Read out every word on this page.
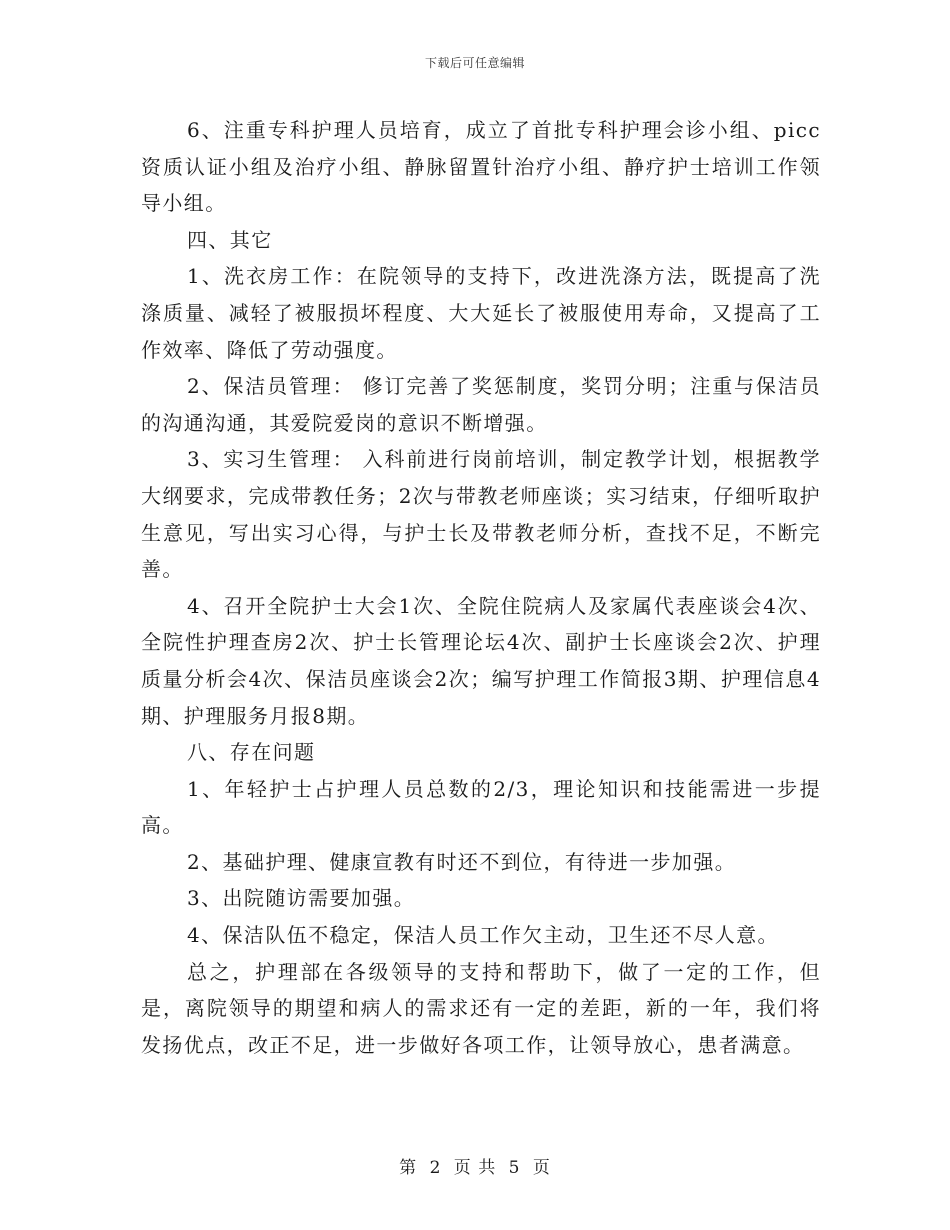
下载后可任意编辑

6、注重专科护理人员培育，成立了首批专科护理会诊小组、picc资质认证小组及治疗小组、静脉留置针治疗小组、静疗护士培训工作领导小组。

四、其它

1、洗衣房工作：在院领导的支持下，改进洗涤方法，既提高了洗涤质量、减轻了被服损坏程度、大大延长了被服使用寿命，又提高了工作效率、降低了劳动强度。

2、保洁员管理： 修订完善了奖惩制度，奖罚分明；注重与保洁员的沟通沟通，其爱院爱岗的意识不断增强。

3、实习生管理： 入科前进行岗前培训，制定教学计划，根据教学大纲要求，完成带教任务；2次与带教老师座谈；实习结束，仔细听取护生意见，写出实习心得，与护士长及带教老师分析，查找不足，不断完善。

4、召开全院护士大会1次、全院住院病人及家属代表座谈会4次、全院性护理查房2次、护士长管理论坛4次、副护士长座谈会2次、护理质量分析会4次、保洁员座谈会2次；编写护理工作简报3期、护理信息4期、护理服务月报8期。

八、存在问题

1、年轻护士占护理人员总数的2/3，理论知识和技能需进一步提高。

2、基础护理、健康宣教有时还不到位，有待进一步加强。

3、出院随访需要加强。

4、保洁队伍不稳定，保洁人员工作欠主动，卫生还不尽人意。

总之，护理部在各级领导的支持和帮助下，做了一定的工作，但是，离院领导的期望和病人的需求还有一定的差距，新的一年，我们将发扬优点，改正不足，进一步做好各项工作，让领导放心，患者满意。

第 2 页 共 5 页
